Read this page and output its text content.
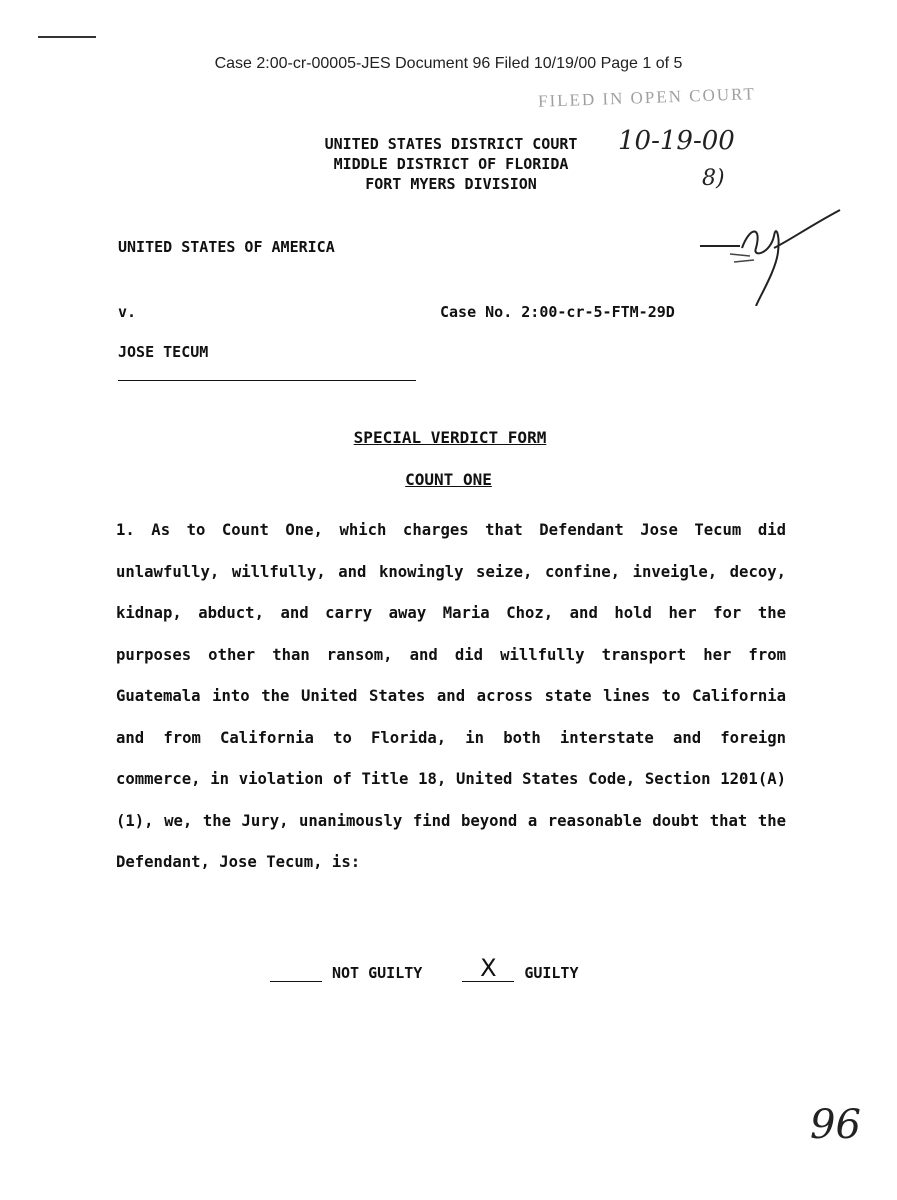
Case 2:00-cr-00005-JES Document 96 Filed 10/19/00 Page 1 of 5
FILED IN OPEN COURT
UNITED STATES DISTRICT COURT
MIDDLE DISTRICT OF FLORIDA
FORT MYERS DIVISION
10-19-00
8)
UNITED STATES OF AMERICA
v.	Case No. 2:00-cr-5-FTM-29D
JOSE TECUM
SPECIAL VERDICT FORM
COUNT ONE
1. As to Count One, which charges that Defendant Jose Tecum did unlawfully, willfully, and knowingly seize, confine, inveigle, decoy, kidnap, abduct, and carry away Maria Choz, and hold her for the purposes other than ransom, and did willfully transport her from Guatemala into the United States and across state lines to California and from California to Florida, in both interstate and foreign commerce, in violation of Title 18, United States Code, Section 1201(A)(1), we, the Jury, unanimously find beyond a reasonable doubt that the Defendant, Jose Tecum, is:
NOT GUILTY	X	GUILTY
96
